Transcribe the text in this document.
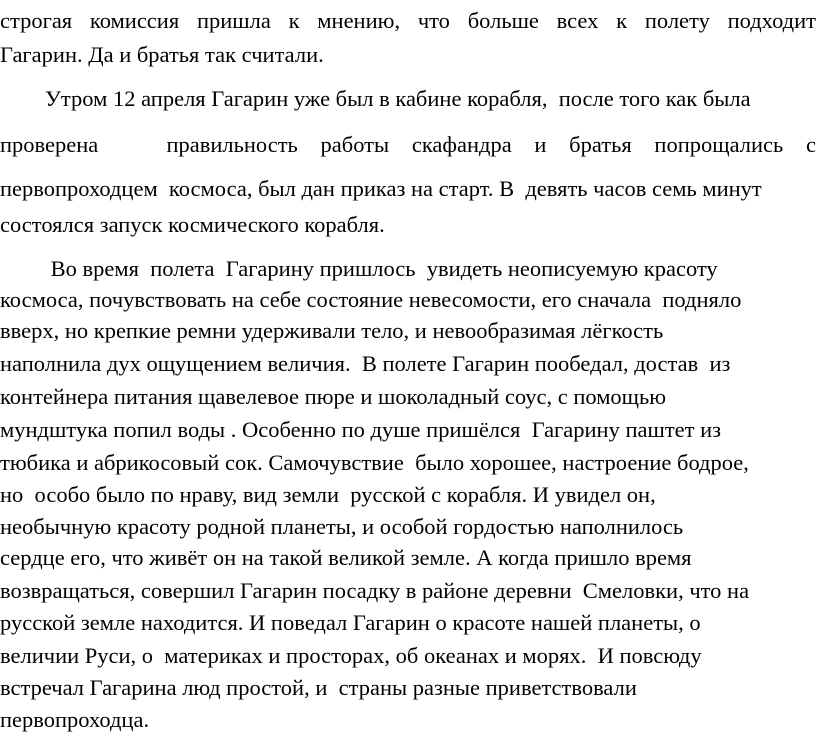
строгая комиссия пришла к мнению, что больше всех к полету подходит

Гагарин. Да и братья так считали.

Утром 12 апреля Гагарин уже был в кабине корабля,  после того как была

проверена   правильность работы скафандра и братья попрощались с

первопроходцем  космоса, был дан приказ на старт. В  девять часов семь минут

состоялся запуск космического корабля.

Во время  полета  Гагарину пришлось  увидеть неописуемую красоту

космоса, почувствовать на себе состояние невесомости, его сначала  подняло

вверх, но крепкие ремни удерживали тело, и невообразимая лёгкость

наполнила дух ощущением величия.  В полете Гагарин пообедал, достав  из

контейнера питания щавелевое пюре и шоколадный соус, с помощью

мундштука попил воды . Особенно по душе пришёлся  Гагарину паштет из

тюбика и абрикосовый сок. Самочувствие  было хорошее, настроение бодрое,

но  особо было по нраву, вид земли  русской с корабля. И увидел он,

необычную красоту родной планеты, и особой гордостью наполнилось

сердце его, что живёт он на такой великой земле. А когда пришло время

возвращаться, совершил Гагарин посадку в районе деревни  Смеловки, что на

русской земле находится. И поведал Гагарин о красоте нашей планеты, о

величии Руси, о  материках и просторах, об океанах и морях.  И повсюду

встречал Гагарина люд простой, и  страны разные приветствовали

первопроходца.
